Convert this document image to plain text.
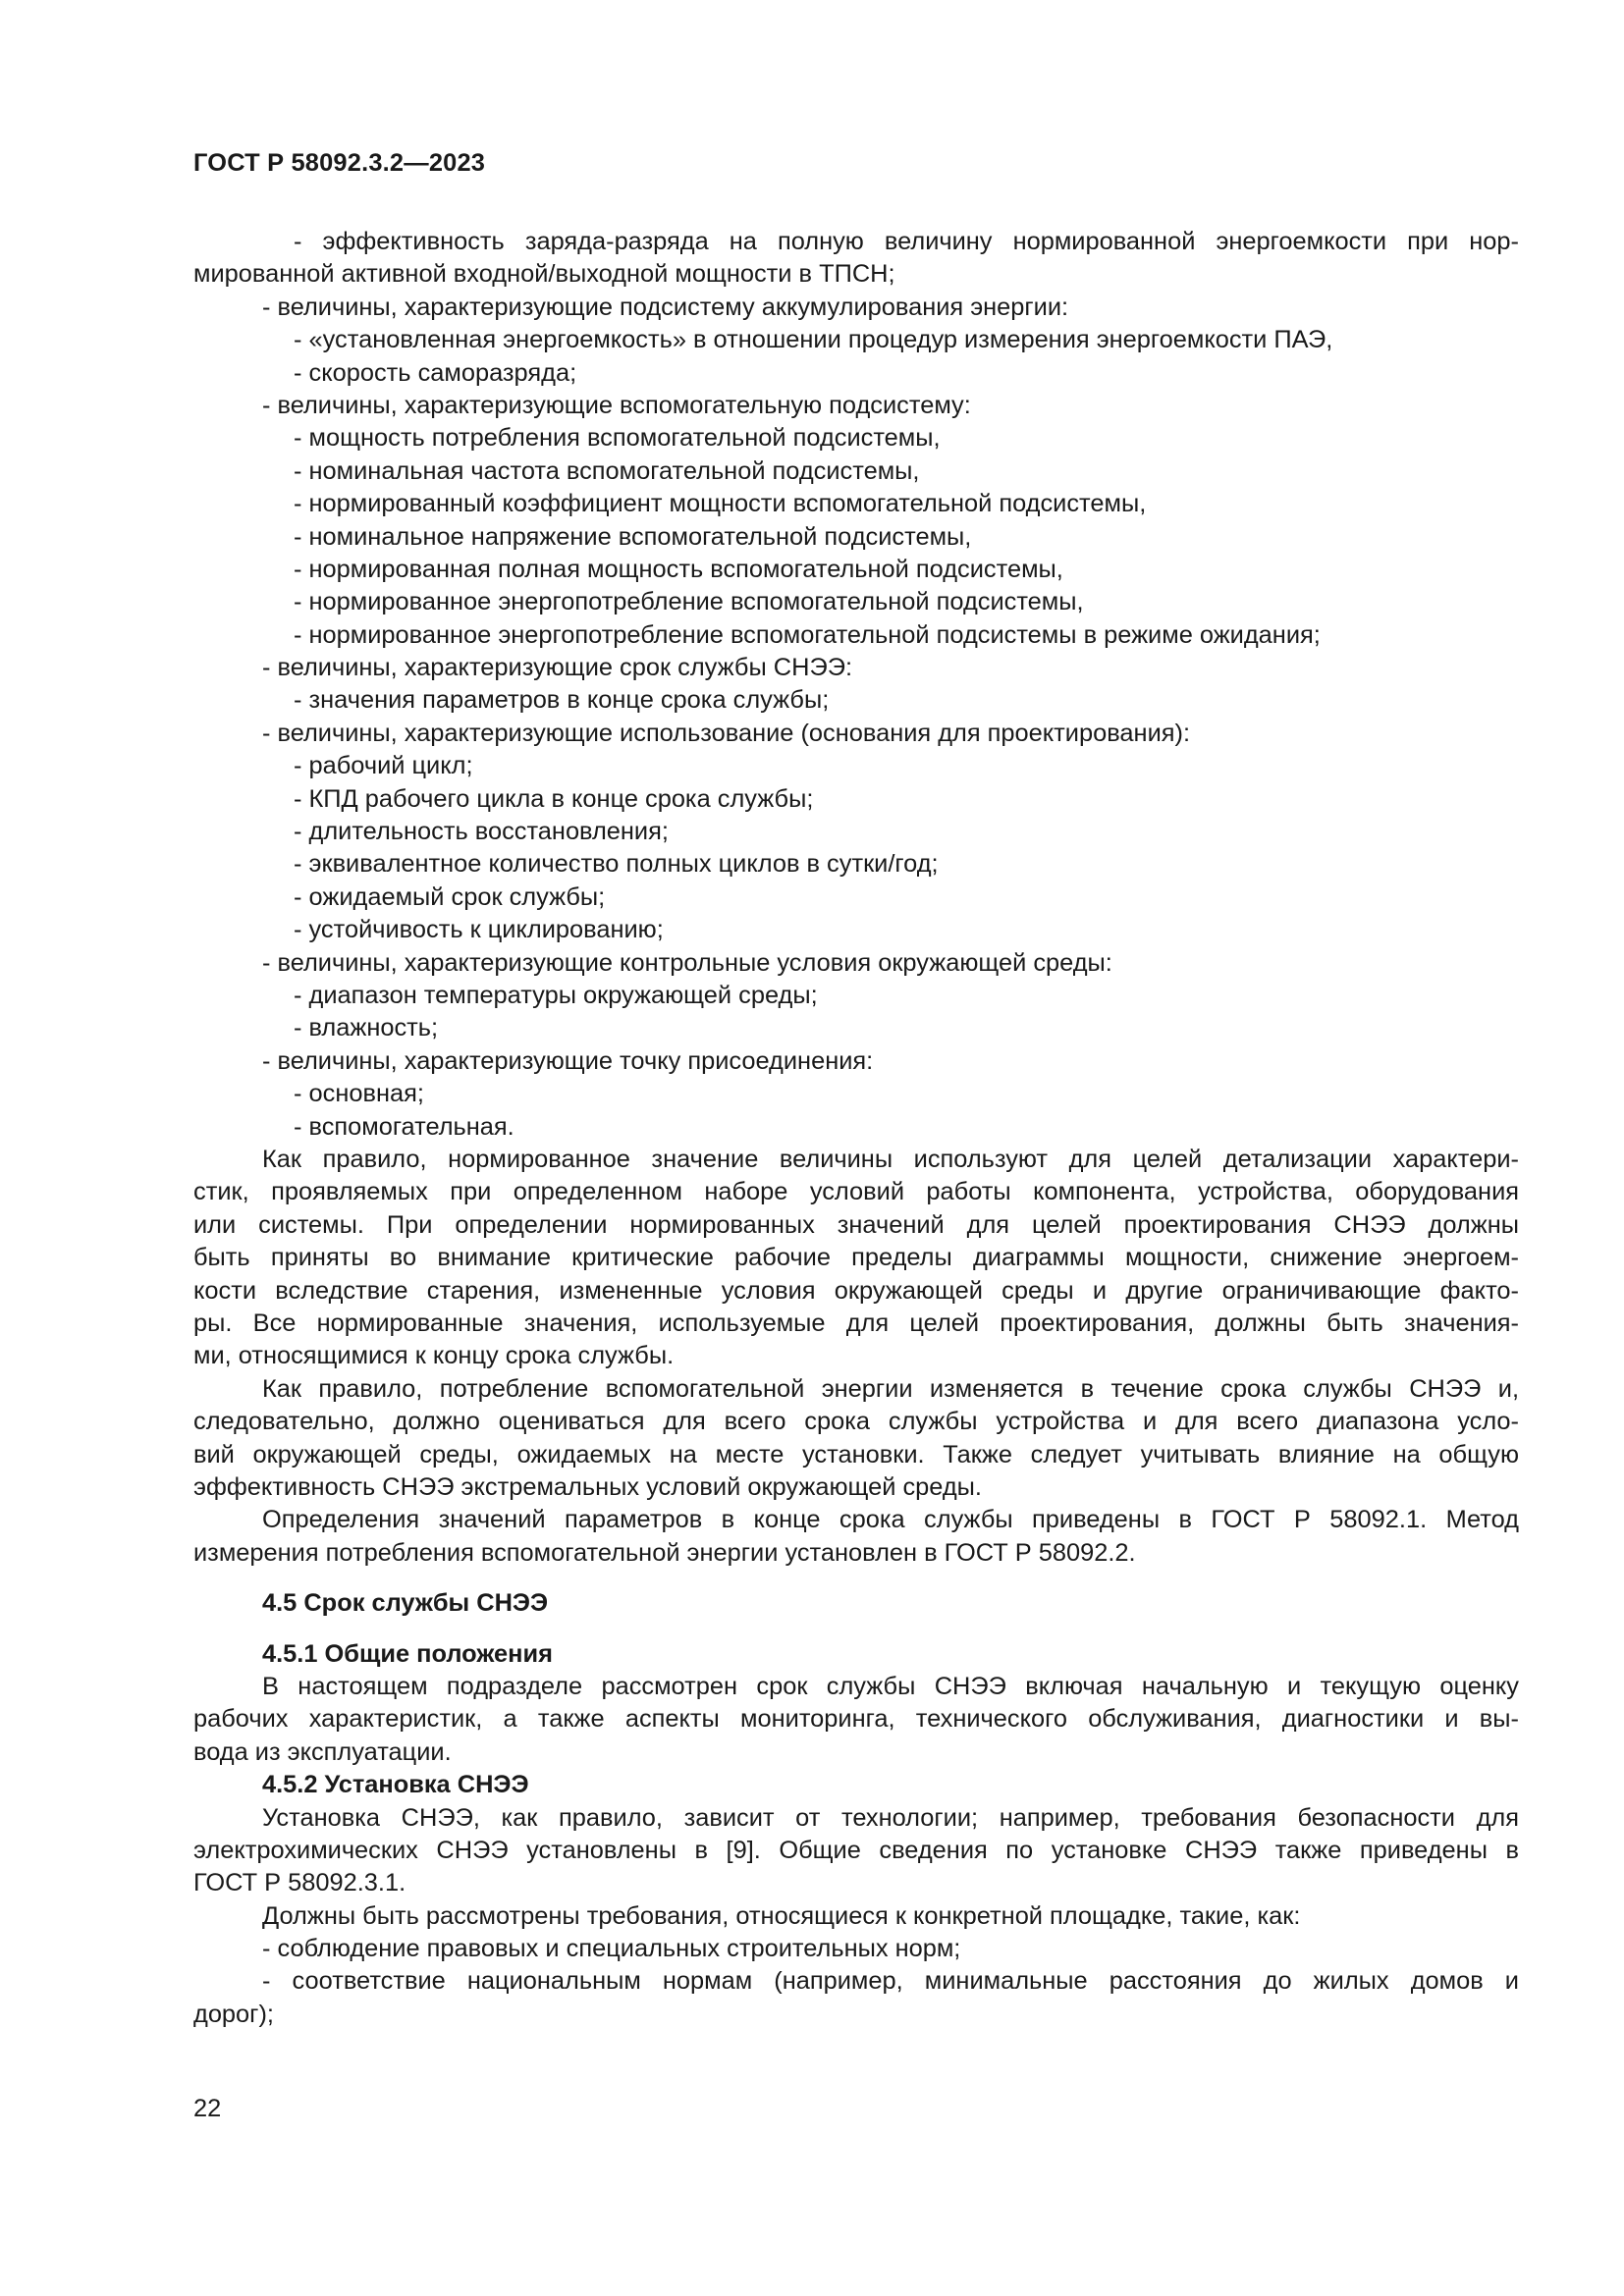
ГОСТ Р 58092.3.2—2023
- эффективность заряда-разряда на полную величину нормированной энергоемкости при нор-
мированной активной входной/выходной мощности в ТПСН;
- величины, характеризующие подсистему аккумулирования энергии:
- «установленная энергоемкость» в отношении процедур измерения энергоемкости ПАЭ,
- скорость саморазряда;
- величины, характеризующие вспомогательную подсистему:
- мощность потребления вспомогательной подсистемы,
- номинальная частота вспомогательной подсистемы,
- нормированный коэффициент мощности вспомогательной подсистемы,
- номинальное напряжение вспомогательной подсистемы,
- нормированная полная мощность вспомогательной подсистемы,
- нормированное энергопотребление вспомогательной подсистемы,
- нормированное энергопотребление вспомогательной подсистемы в режиме ожидания;
- величины, характеризующие срок службы СНЭЭ:
- значения параметров в конце срока службы;
- величины, характеризующие использование (основания для проектирования):
- рабочий цикл;
- КПД рабочего цикла в конце срока службы;
- длительность восстановления;
- эквивалентное количество полных циклов в сутки/год;
- ожидаемый срок службы;
- устойчивость к циклированию;
- величины, характеризующие контрольные условия окружающей среды:
- диапазон температуры окружающей среды;
- влажность;
- величины, характеризующие точку присоединения:
- основная;
- вспомогательная.
Как правило, нормированное значение величины используют для целей детализации характери-
стик, проявляемых при определенном наборе условий работы компонента, устройства, оборудования
или системы. При определении нормированных значений для целей проектирования СНЭЭ должны
быть приняты во внимание критические рабочие пределы диаграммы мощности, снижение энергоем-
кости вследствие старения, измененные условия окружающей среды и другие ограничивающие факто-
ры. Все нормированные значения, используемые для целей проектирования, должны быть значения-
ми, относящимися к концу срока службы.
Как правило, потребление вспомогательной энергии изменяется в течение срока службы СНЭЭ и,
следовательно, должно оцениваться для всего срока службы устройства и для всего диапазона усло-
вий окружающей среды, ожидаемых на месте установки. Также следует учитывать влияние на общую
эффективность СНЭЭ экстремальных условий окружающей среды.
Определения значений параметров в конце срока службы приведены в ГОСТ Р 58092.1. Метод
измерения потребления вспомогательной энергии установлен в ГОСТ Р 58092.2.
4.5 Срок службы СНЭЭ
4.5.1 Общие положения
В настоящем подразделе рассмотрен срок службы СНЭЭ включая начальную и текущую оценку
рабочих характеристик, а также аспекты мониторинга, технического обслуживания, диагностики и вы-
вода из эксплуатации.
4.5.2 Установка СНЭЭ
Установка СНЭЭ, как правило, зависит от технологии; например, требования безопасности для
электрохимических СНЭЭ установлены в [9]. Общие сведения по установке СНЭЭ также приведены в
ГОСТ Р 58092.3.1.
Должны быть рассмотрены требования, относящиеся к конкретной площадке, такие, как:
- соблюдение правовых и специальных строительных норм;
- соответствие национальным нормам (например, минимальные расстояния до жилых домов и
дорог);
22
